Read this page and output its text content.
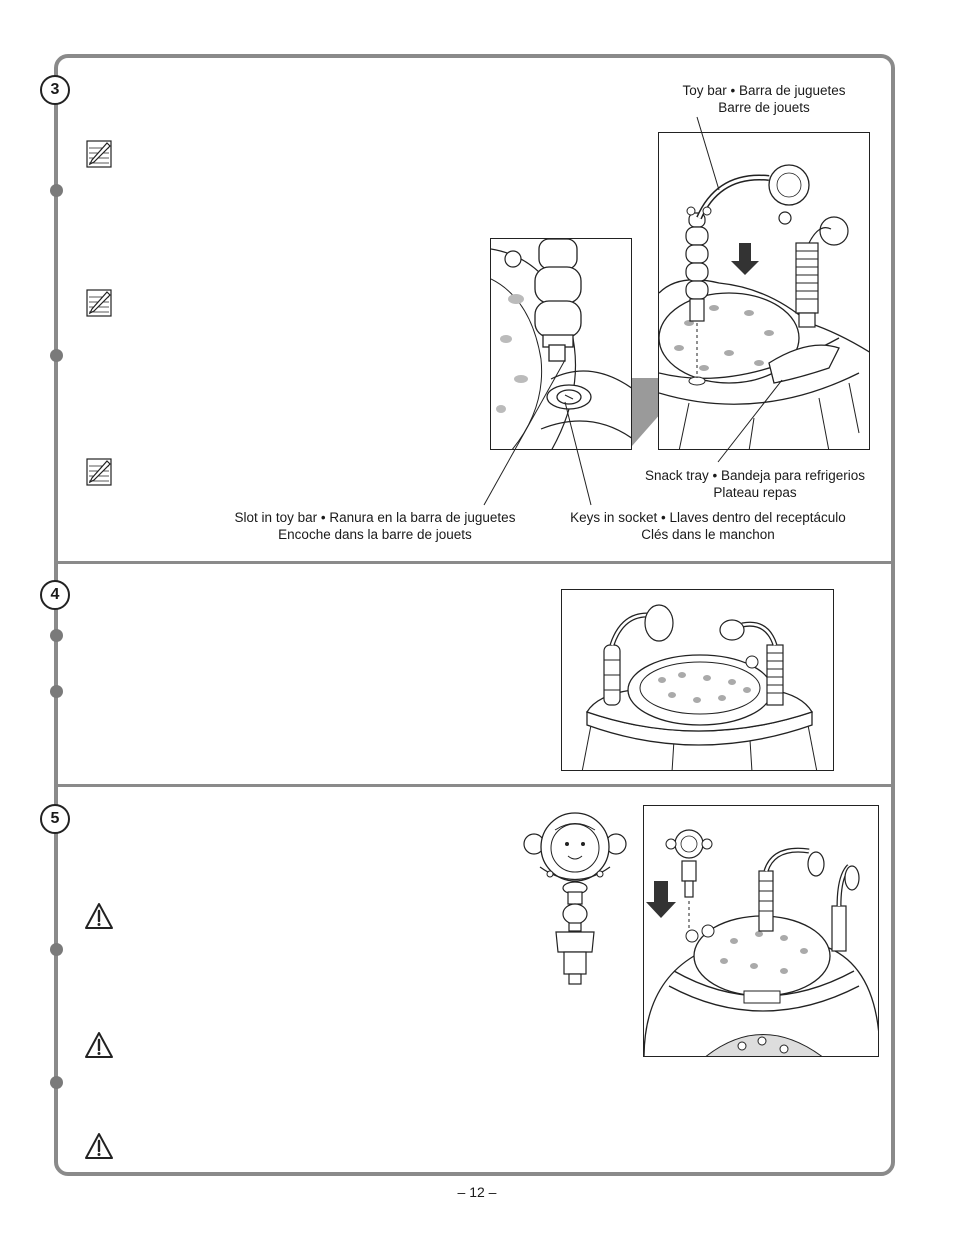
3
4
5
Toy bar • Barra de juguetes
Barre de jouets
Snack tray • Bandeja para refrigerios
Plateau repas
Slot in toy bar • Ranura en la barra de juguetes
Encoche dans la barre de jouets
Keys in socket • Llaves dentro del receptáculo
Clés dans le manchon
– 12 –
